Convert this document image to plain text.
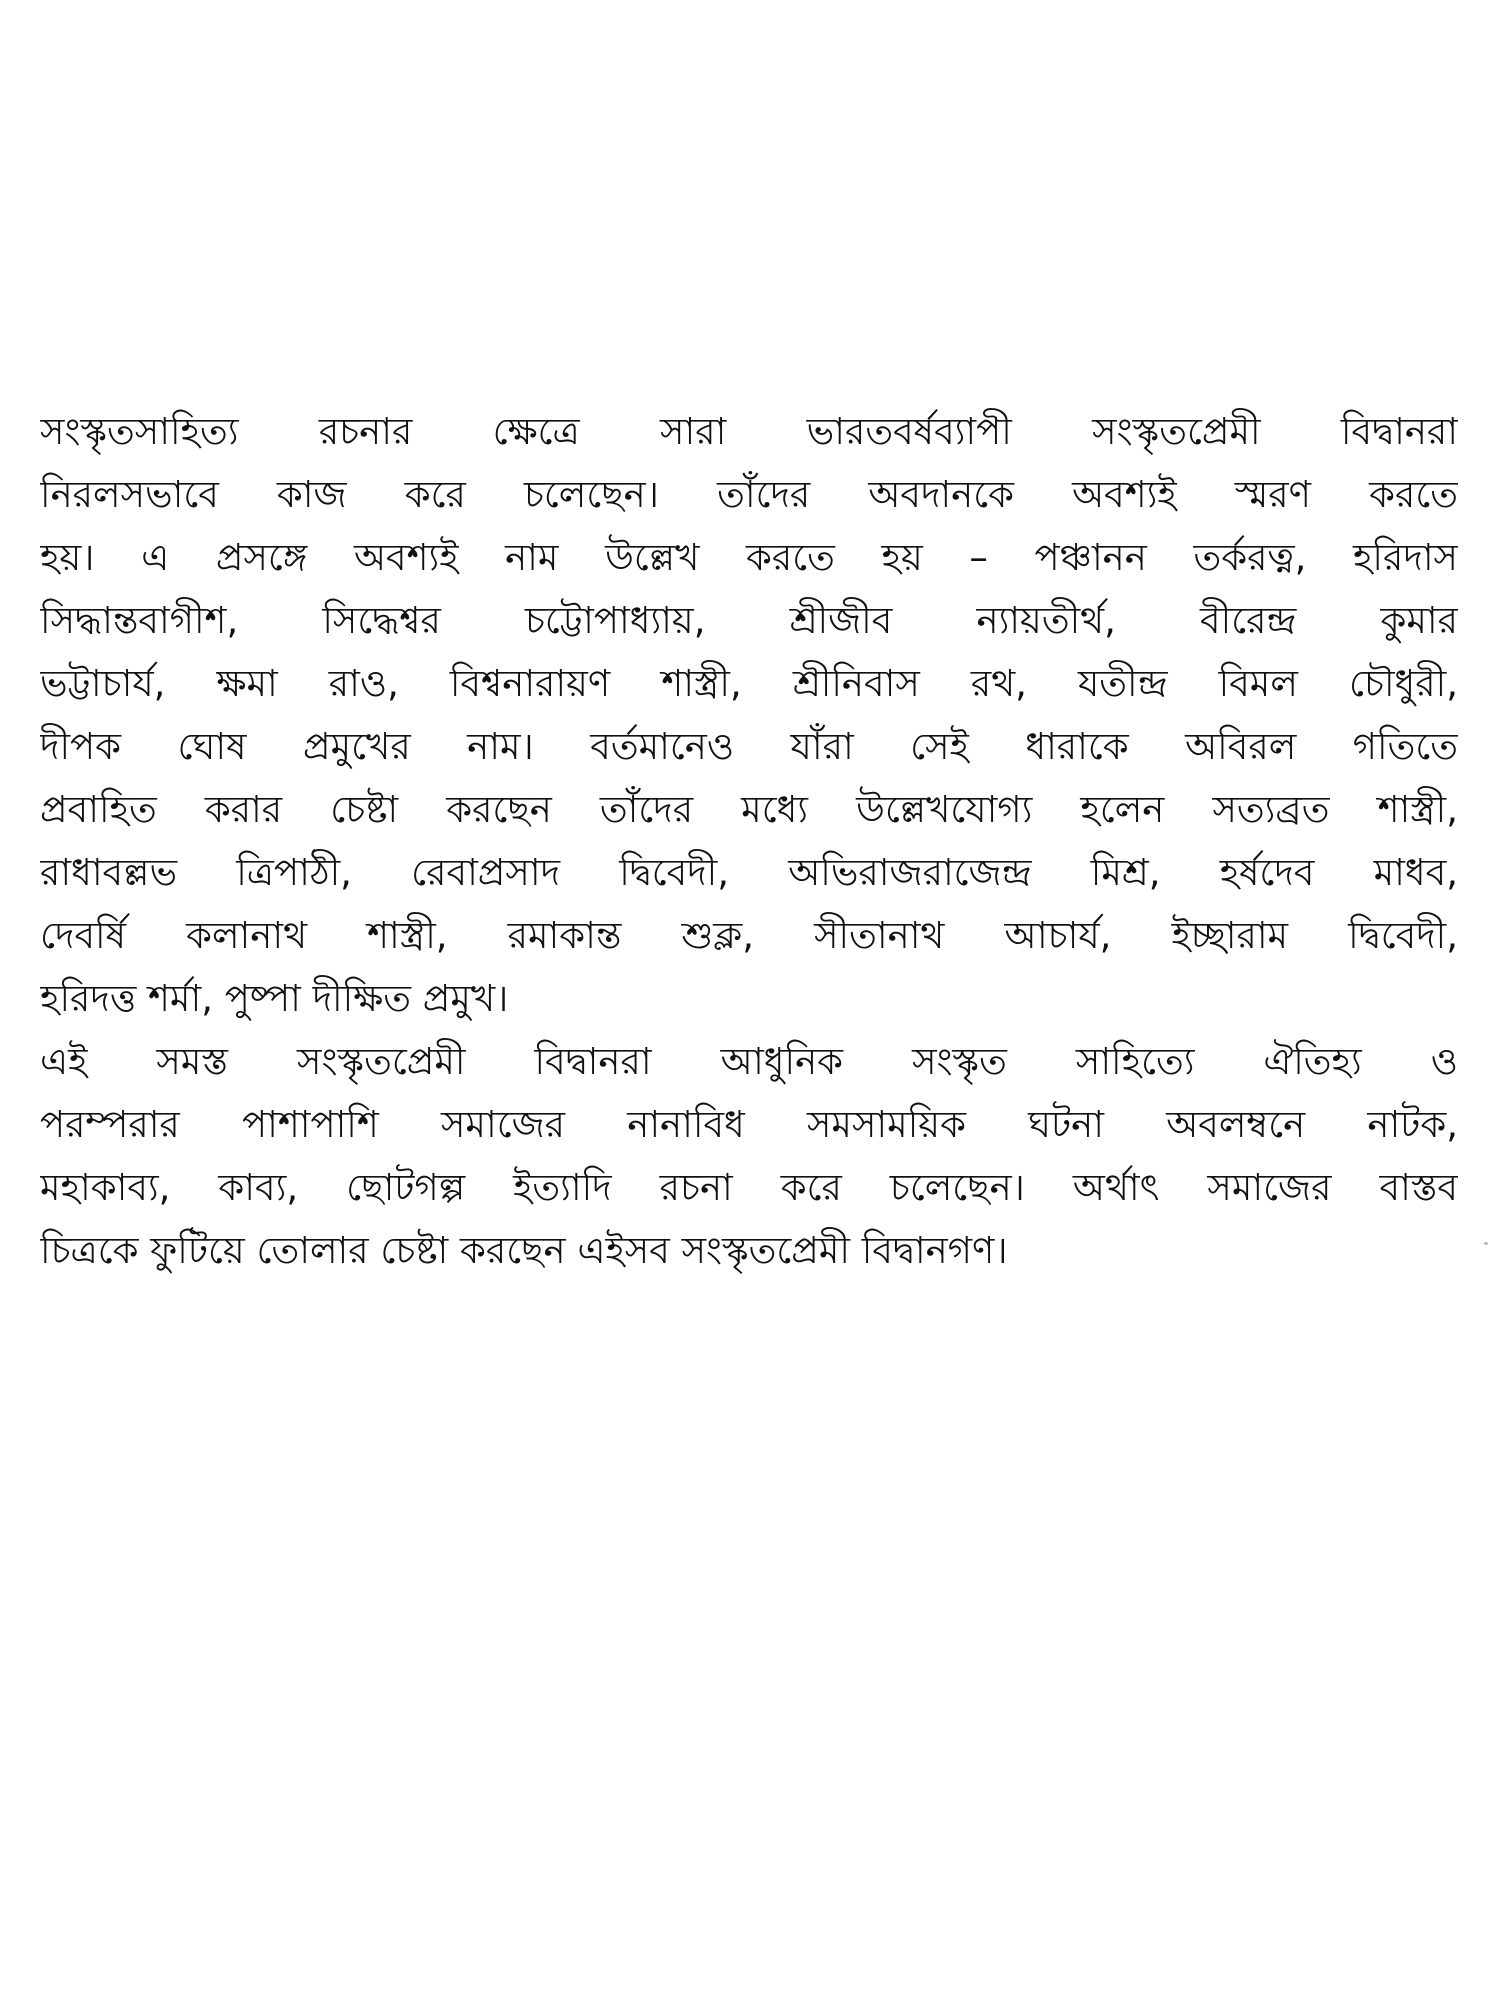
সংস্কৃতসাহিত্য রচনার ক্ষেত্রে সারা ভারতবর্ষব্যাপী সংস্কৃতপ্রেমী বিদ্বানরা
নিরলসভাবে কাজ করে চলেছেন। তাঁদের অবদানকে অবশ্যই স্মরণ করতে
হয়। এ প্রসঙ্গে অবশ্যই নাম উল্লেখ করতে হয় – পঞ্চানন তর্করত্ন, হরিদাস
সিদ্ধান্তবাগীশ, সিদ্ধেশ্বর চট্টোপাধ্যায়, শ্রীজীব ন্যায়তীর্থ, বীরেন্দ্র কুমার
ভট্টাচার্য, ক্ষমা রাও, বিশ্বনারায়ণ শাস্ত্রী, শ্রীনিবাস রথ, যতীন্দ্র বিমল চৌধুরী,
দীপক ঘোষ প্রমুখের নাম। বর্তমানেও যাঁরা সেই ধারাকে অবিরল গতিতে
প্রবাহিত করার চেষ্টা করছেন তাঁদের মধ্যে উল্লেখযোগ্য হলেন সত্যব্রত শাস্ত্রী,
রাধাবল্লভ ত্রিপাঠী, রেবাপ্রসাদ দ্বিবেদী, অভিরাজরাজেন্দ্র মিশ্র, হর্ষদেব মাধব,
দেবর্ষি কলানাথ শাস্ত্রী, রমাকান্ত শুক্ল, সীতানাথ আচার্য, ইচ্ছারাম দ্বিবেদী,
হরিদত্ত শর্মা, পুষ্পা দীক্ষিত প্রমুখ।
এই সমস্ত সংস্কৃতপ্রেমী বিদ্বানরা আধুনিক সংস্কৃত সাহিত্যে ঐতিহ্য ও
পরম্পরার পাশাপাশি সমাজের নানাবিধ সমসাময়িক ঘটনা অবলম্বনে নাটক,
মহাকাব্য, কাব্য, ছোটগল্প ইত্যাদি রচনা করে চলেছেন। অর্থাৎ সমাজের বাস্তব
চিত্রকে ফুটিয়ে তোলার চেষ্টা করছেন এইসব সংস্কৃতপ্রেমী বিদ্বানগণ।
